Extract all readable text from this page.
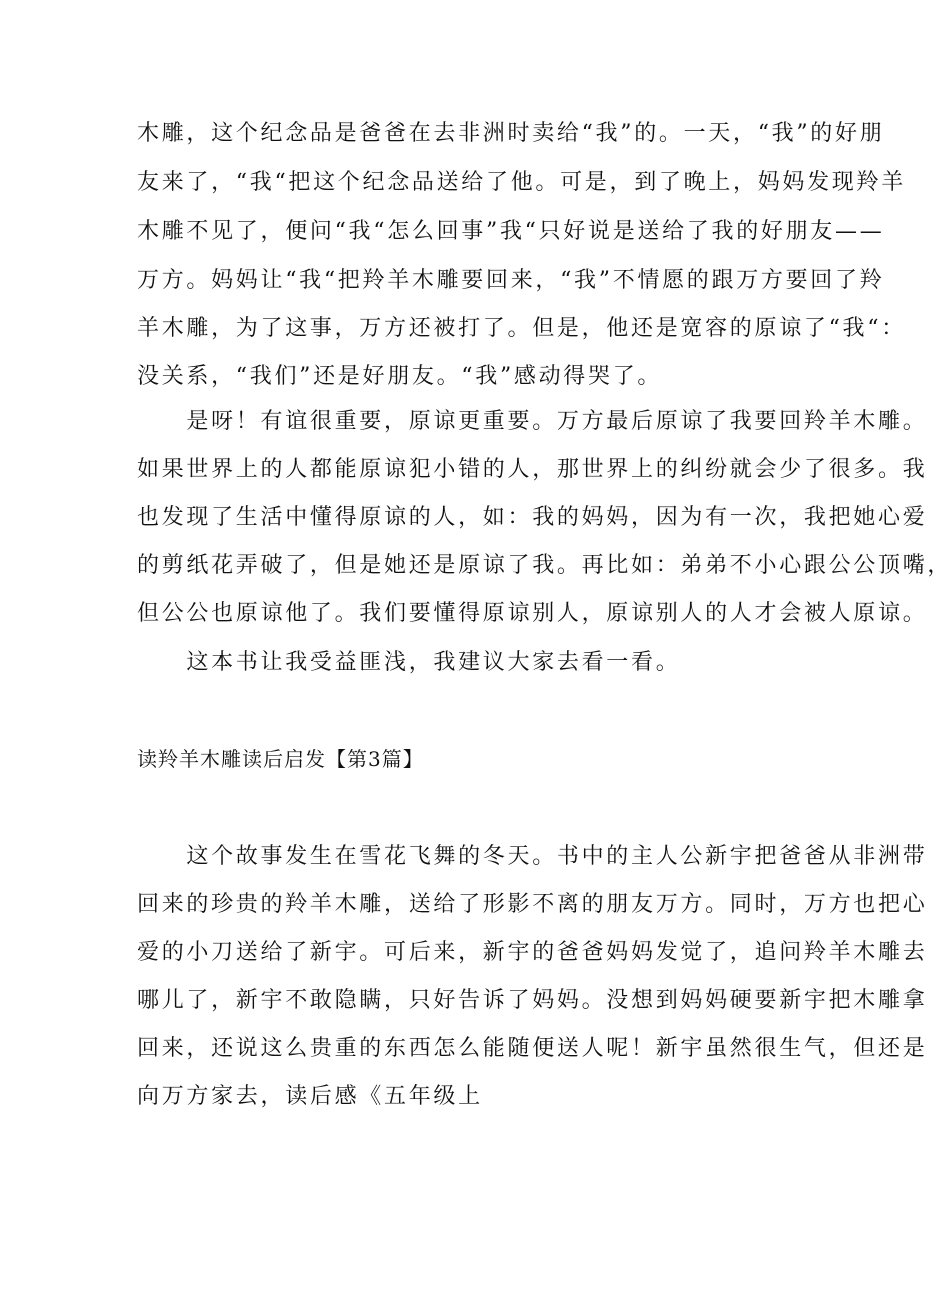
木雕，这个纪念品是爸爸在去非洲时卖给“我”的。一天，“我”的好朋
友来了，“我“把这个纪念品送给了他。可是，到了晚上，妈妈发现羚羊
木雕不见了，便问“我“怎么回事”我“只好说是送给了我的好朋友——
万方。妈妈让“我“把羚羊木雕要回来，“我”不情愿的跟万方要回了羚
羊木雕，为了这事，万方还被打了。但是，他还是宽容的原谅了“我“：
没关系，“我们”还是好朋友。“我”感动得哭了。
　　是呀！有谊很重要，原谅更重要。万方最后原谅了我要回羚羊木雕。
如果世界上的人都能原谅犯小错的人，那世界上的纠纷就会少了很多。我
也发现了生活中懂得原谅的人，如：我的妈妈，因为有一次，我把她心爱
的剪纸花弄破了，但是她还是原谅了我。再比如：弟弟不小心跟公公顶嘴，
但公公也原谅他了。我们要懂得原谅别人，原谅别人的人才会被人原谅。
　　这本书让我受益匪浅，我建议大家去看一看。
读羚羊木雕读后启发【第3篇】
　　这个故事发生在雪花飞舞的冬天。书中的主人公新宇把爸爸从非洲带
回来的珍贵的羚羊木雕，送给了形影不离的朋友万方。同时，万方也把心
爱的小刀送给了新宇。可后来，新宇的爸爸妈妈发觉了，追问羚羊木雕去
哪儿了，新宇不敢隐瞒，只好告诉了妈妈。没想到妈妈硬要新宇把木雕拿
回来，还说这么贵重的东西怎么能随便送人呢！新宇虽然很生气，但还是
向万方家去，读后感《五年级上
